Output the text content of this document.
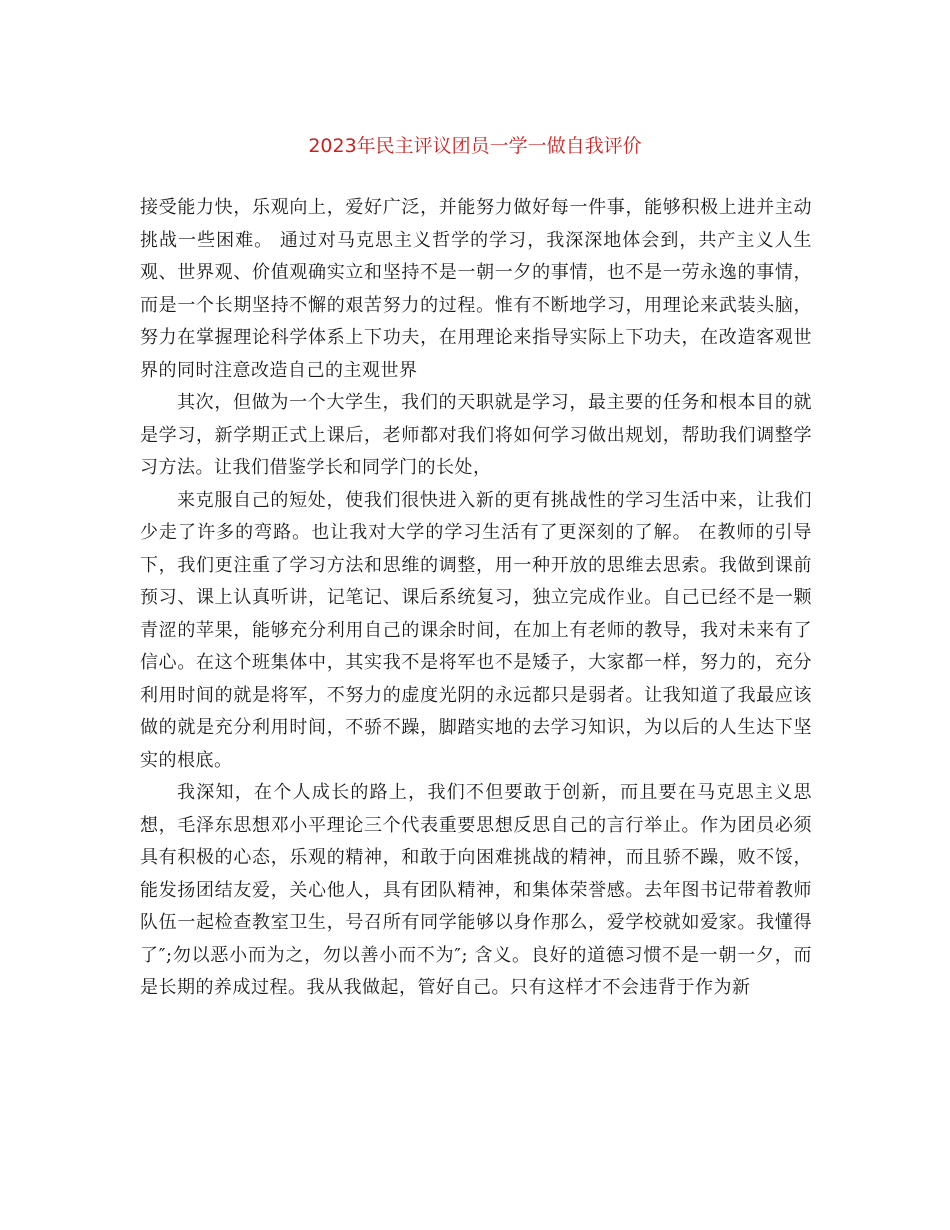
2023年民主评议团员一学一做自我评价

接受能力快，乐观向上，爱好广泛，并能努力做好每一件事，能够积极上进并主动挑战一些困难。 通过对马克思主义哲学的学习，我深深地体会到，共产主义人生观、世界观、价值观确实立和坚持不是一朝一夕的事情，也不是一劳永逸的事情，而是一个长期坚持不懈的艰苦努力的过程。惟有不断地学习，用理论来武装头脑，努力在掌握理论科学体系上下功夫，在用理论来指导实际上下功夫，在改造客观世界的同时注意改造自己的主观世界

其次，但做为一个大学生，我们的天职就是学习，最主要的任务和根本目的就是学习，新学期正式上课后，老师都对我们将如何学习做出规划，帮助我们调整学习方法。让我们借鉴学长和同学门的长处，

来克服自己的短处，使我们很快进入新的更有挑战性的学习生活中来，让我们少走了许多的弯路。也让我对大学的学习生活有了更深刻的了解。 在教师的引导下，我们更注重了学习方法和思维的调整，用一种开放的思维去思索。我做到课前预习、课上认真听讲，记笔记、课后系统复习，独立完成作业。自己已经不是一颗青涩的苹果，能够充分利用自己的课余时间，在加上有老师的教导，我对未来有了信心。在这个班集体中，其实我不是将军也不是矮子，大家都一样，努力的，充分利用时间的就是将军，不努力的虚度光阴的永远都只是弱者。让我知道了我最应该做的就是充分利用时间，不骄不躁，脚踏实地的去学习知识，为以后的人生达下坚实的根底。

我深知，在个人成长的路上，我们不但要敢于创新，而且要在马克思主义思想，毛泽东思想邓小平理论三个代表重要思想反思自己的言行举止。作为团员必须具有积极的心态，乐观的精神，和敢于向困难挑战的精神，而且骄不躁，败不馁，能发扬团结友爱，关心他人，具有团队精神，和集体荣誉感。去年图书记带着教师队伍一起检查教室卫生，号召所有同学能够以身作那么，爱学校就如爱家。我懂得了″;勿以恶小而为之，勿以善小而不为″; 含义。良好的道德习惯不是一朝一夕，而是长期的养成过程。我从我做起，管好自己。只有这样才不会违背于作为新
